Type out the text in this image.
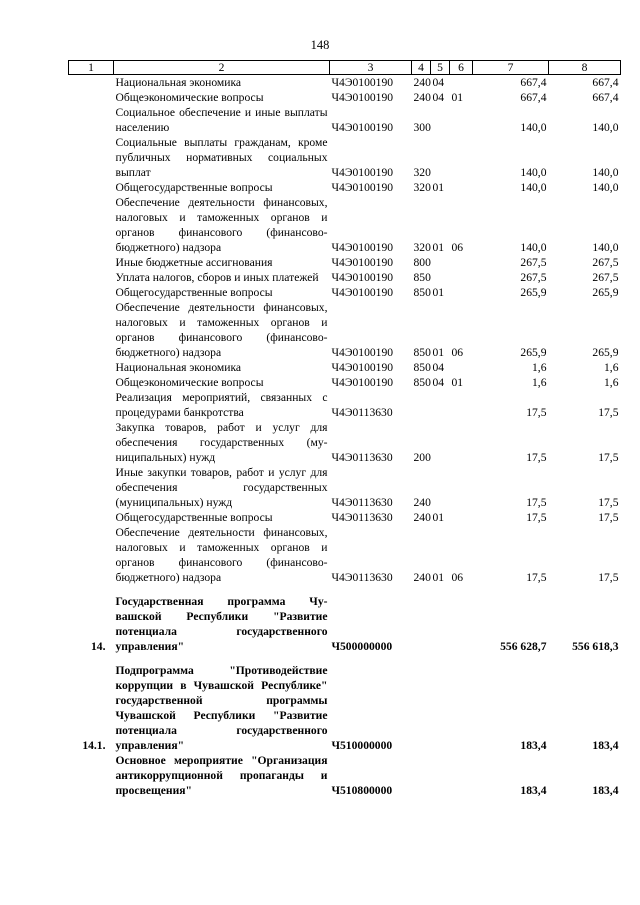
148
1	2	3	4	5	6	7	8
	Национальная экономика	Ч4Э0100190	240	04		667,4	667,4
	Общеэкономические вопросы	Ч4Э0100190	240	04	01	667,4	667,4
	Социальное обеспечение и иные выплаты населению	Ч4Э0100190	300			140,0	140,0
	Социальные выплаты гражданам, кроме публичных нормативных социальных выплат	Ч4Э0100190	320			140,0	140,0
	Общегосударственные вопросы	Ч4Э0100190	320	01		140,0	140,0
	Обеспечение деятельности финансовых, налоговых и таможенных органов и органов финансового (финансово-бюджетного) надзора	Ч4Э0100190	320	01	06	140,0	140,0
	Иные бюджетные ассигнования	Ч4Э0100190	800			267,5	267,5
	Уплата налогов, сборов и иных платежей	Ч4Э0100190	850			267,5	267,5
	Общегосударственные вопросы	Ч4Э0100190	850	01		265,9	265,9
	Обеспечение деятельности финансовых, налоговых и таможенных органов и органов финансового (финансово-бюджетного) надзора	Ч4Э0100190	850	01	06	265,9	265,9
	Национальная экономика	Ч4Э0100190	850	04		1,6	1,6
	Общеэкономические вопросы	Ч4Э0100190	850	04	01	1,6	1,6
	Реализация мероприятий, связанных с процедурами банкротства	Ч4Э0113630				17,5	17,5
	Закупка товаров, работ и услуг для обеспечения государственных (муниципальных) нужд	Ч4Э0113630	200			17,5	17,5
	Иные закупки товаров, работ и услуг для обеспечения государственных (муниципальных) нужд	Ч4Э0113630	240			17,5	17,5
	Общегосударственные вопросы	Ч4Э0113630	240	01		17,5	17,5
	Обеспечение деятельности финансовых, налоговых и таможенных органов и органов финансового (финансово-бюджетного) надзора	Ч4Э0113630	240	01	06	17,5	17,5

14.	Государственная программа Чувашской Республики "Развитие потенциала государственного управления"	Ч500000000				556 628,7	556 618,3

14.1.	Подпрограмма "Противодействие коррупции в Чувашской Республике" государственной программы Чувашской Республики "Развитие потенциала государственного управления"	Ч510000000				183,4	183,4
	Основное мероприятие "Организация антикоррупционной пропаганды и просвещения"	Ч510800000				183,4	183,4
